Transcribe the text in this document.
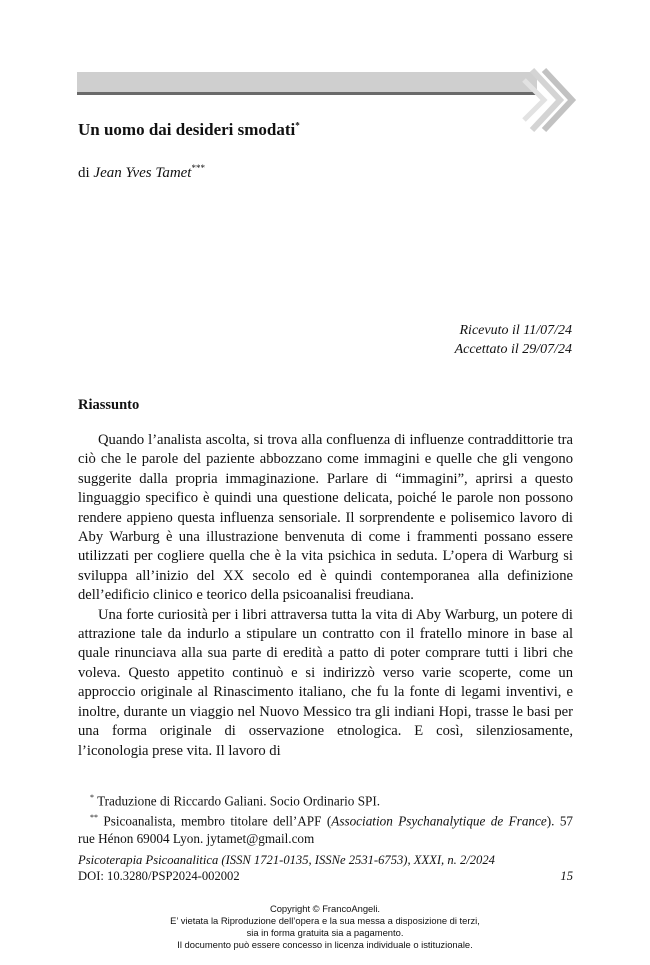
Un uomo dai desideri smodati*
di Jean Yves Tamet***
Ricevuto il 11/07/24
Accettato il 29/07/24
Riassunto

Quando l’analista ascolta, si trova alla confluenza di influenze contraddittorie tra ciò che le parole del paziente abbozzano come immagini e quelle che gli vengono suggerite dalla propria immaginazione. Parlare di “immagini”, aprirsi a questo linguaggio specifico è quindi una questione delicata, poiché le parole non possono rendere appieno questa influenza sensoriale. Il sorprendente e polisemico lavoro di Aby Warburg è una illustrazione benvenuta di come i frammenti possano essere utilizzati per cogliere quella che è la vita psichica in seduta. L’opera di Warburg si sviluppa all’inizio del XX secolo ed è quindi contemporanea alla definizione dell’edificio clinico e teorico della psicoanalisi freudiana.

Una forte curiosità per i libri attraversa tutta la vita di Aby Warburg, un potere di attrazione tale da indurlo a stipulare un contratto con il fratello minore in base al quale rinunciava alla sua parte di eredità a patto di poter comprare tutti i libri che voleva. Questo appetito continuò e si indirizzò verso varie scoperte, come un approccio originale al Rinascimento italiano, che fu la fonte di legami inventivi, e inoltre, durante un viaggio nel Nuovo Messico tra gli indiani Hopi, trasse le basi per una forma originale di osservazione etnologica. E così, silenziosamente, l’iconologia prese vita. Il lavoro di

* Traduzione di Riccardo Galiani. Socio Ordinario SPI.
** Psicoanalista, membro titolare dell’APF (Association Psychanalytique de France). 57 rue Hénon 69004 Lyon. jytamet@gmail.com
Psicoterapia Psicoanalitica (ISSN 1721-0135, ISSNe 2531-6753), XXXI, n. 2/2024
DOI: 10.3280/PSP2024-002002	15
Copyright © FrancoAngeli.
E’ vietata la Riproduzione dell’opera e la sua messa a disposizione di terzi,
sia in forma gratuita sia a pagamento.
Il documento può essere concesso in licenza individuale o istituzionale.
